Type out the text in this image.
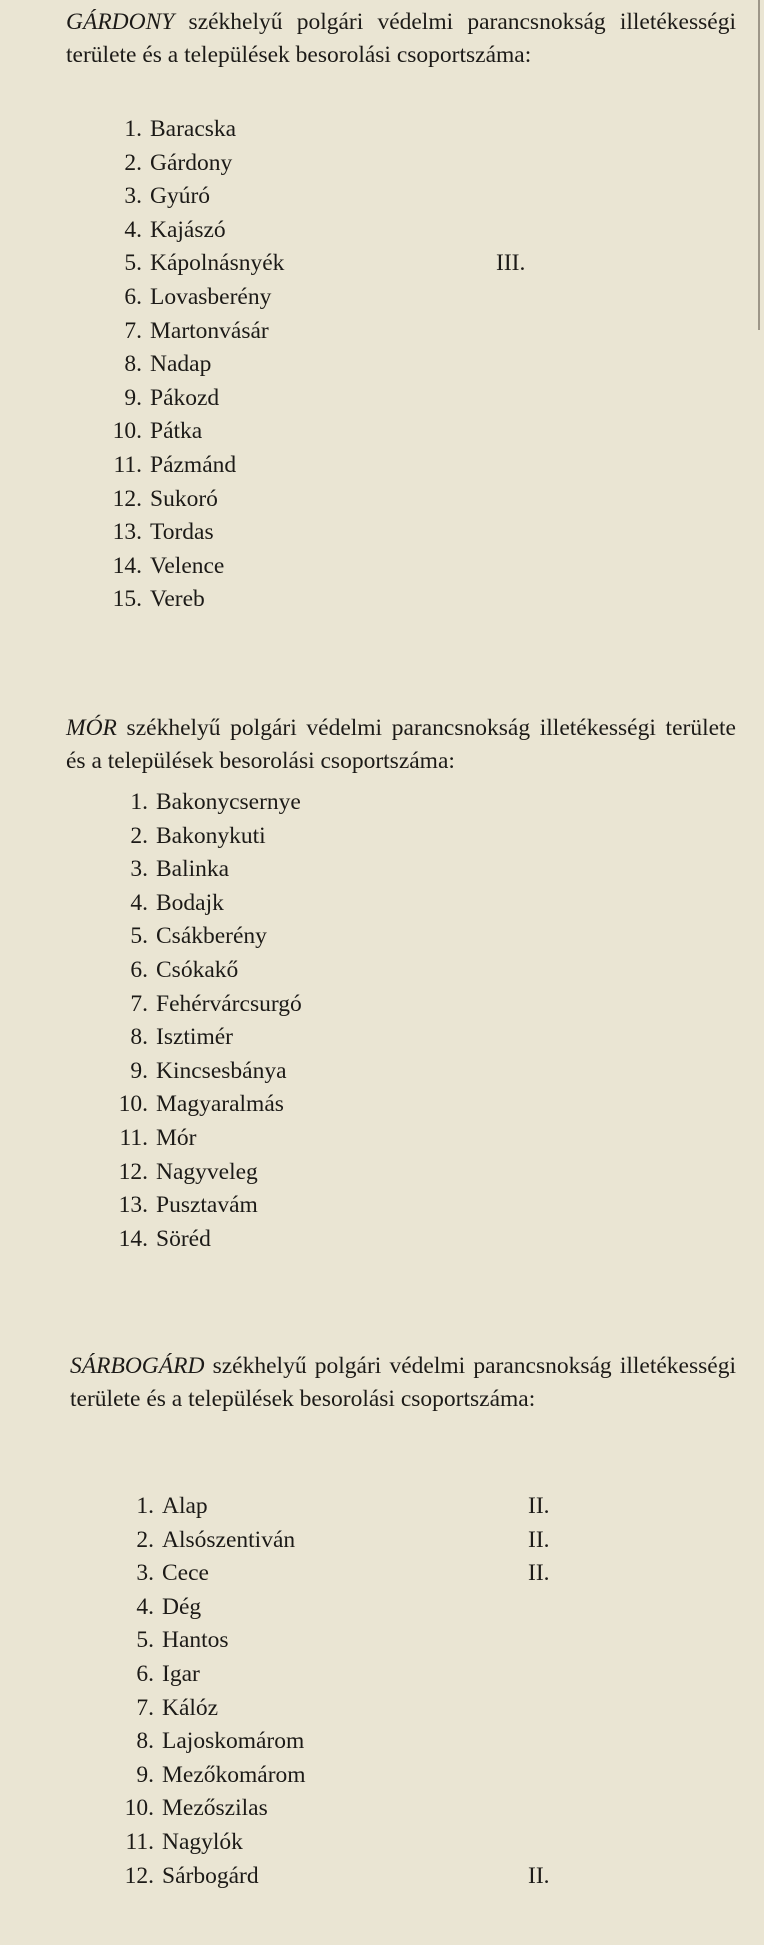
GÁRDONY székhelyű polgári védelmi parancsnokság illetékességi területe és a települések besorolási csoportszáma:

1. Baracska
2. Gárdony
3. Gyúró
4. Kajászó
5. Kápolnásnyék	III.
6. Lovasberény
7. Martonvásár
8. Nadap
9. Pákozd
10. Pátka
11. Pázmánd
12. Sukoró
13. Tordas
14. Velence
15. Vereb

MÓR székhelyű polgári védelmi parancsnokság illetékességi területe és a települések besorolási csoportszáma:

1. Bakonycsernye
2. Bakonykuti
3. Balinka
4. Bodajk
5. Csákberény
6. Csókakő
7. Fehérvárcsurgó
8. Isztimér
9. Kincsesbánya
10. Magyaralmás
11. Mór
12. Nagyveleg
13. Pusztavám
14. Söréd

SÁRBOGÁRD székhelyű polgári védelmi parancsnokság illetékességi területe és a települések besorolási csoportszáma:

1. Alap	II.
2. Alsószentiván	II.
3. Cece	II.
4. Dég
5. Hantos
6. Igar
7. Kálóz
8. Lajoskomárom
9. Mezőkomárom
10. Mezőszilas
11. Nagylók
12. Sárbogárd	II.
